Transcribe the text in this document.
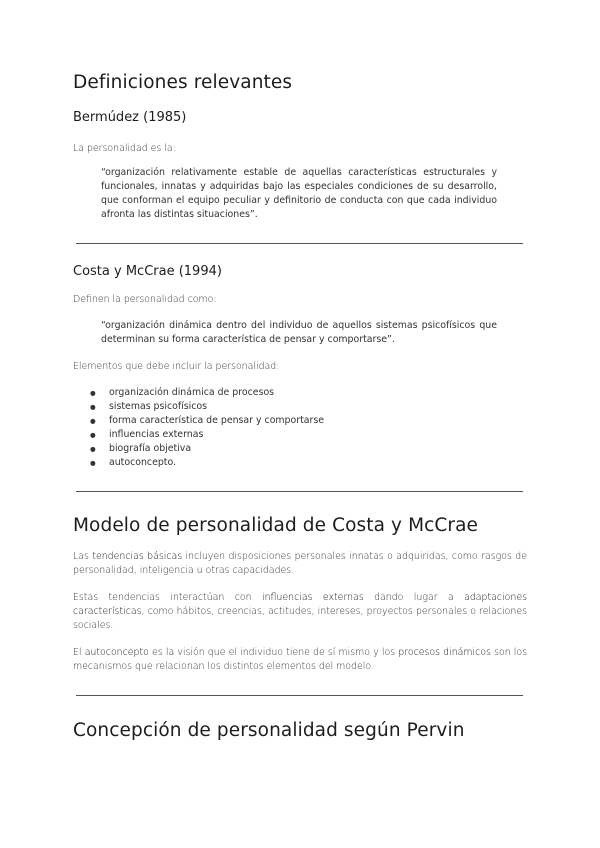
Definiciones relevantes
Bermúdez (1985)

La personalidad es la:

“organización relativamente estable de aquellas características estructurales y funcionales, innatas y adquiridas bajo las especiales condiciones de su desarrollo, que conforman el equipo peculiar y definitorio de conducta con que cada individuo afronta las distintas situaciones”.

Costa y McCrae (1994)

Definen la personalidad como:

“organización dinámica dentro del individuo de aquellos sistemas psicofísicos que determinan su forma característica de pensar y comportarse”.

Elementos que debe incluir la personalidad:

● organización dinámica de procesos
● sistemas psicofísicos
● forma característica de pensar y comportarse
● influencias externas
● biografía objetiva
● autoconcepto.
Modelo de personalidad de Costa y McCrae

Las tendencias básicas incluyen disposiciones personales innatas o adquiridas, como rasgos de personalidad, inteligencia u otras capacidades.

Estas tendencias interactúan con influencias externas dando lugar a adaptaciones características, como hábitos, creencias, actitudes, intereses, proyectos personales o relaciones sociales.

El autoconcepto es la visión que el individuo tiene de sí mismo y los procesos dinámicos son los mecanismos que relacionan los distintos elementos del modelo.

Concepción de personalidad según Pervin
